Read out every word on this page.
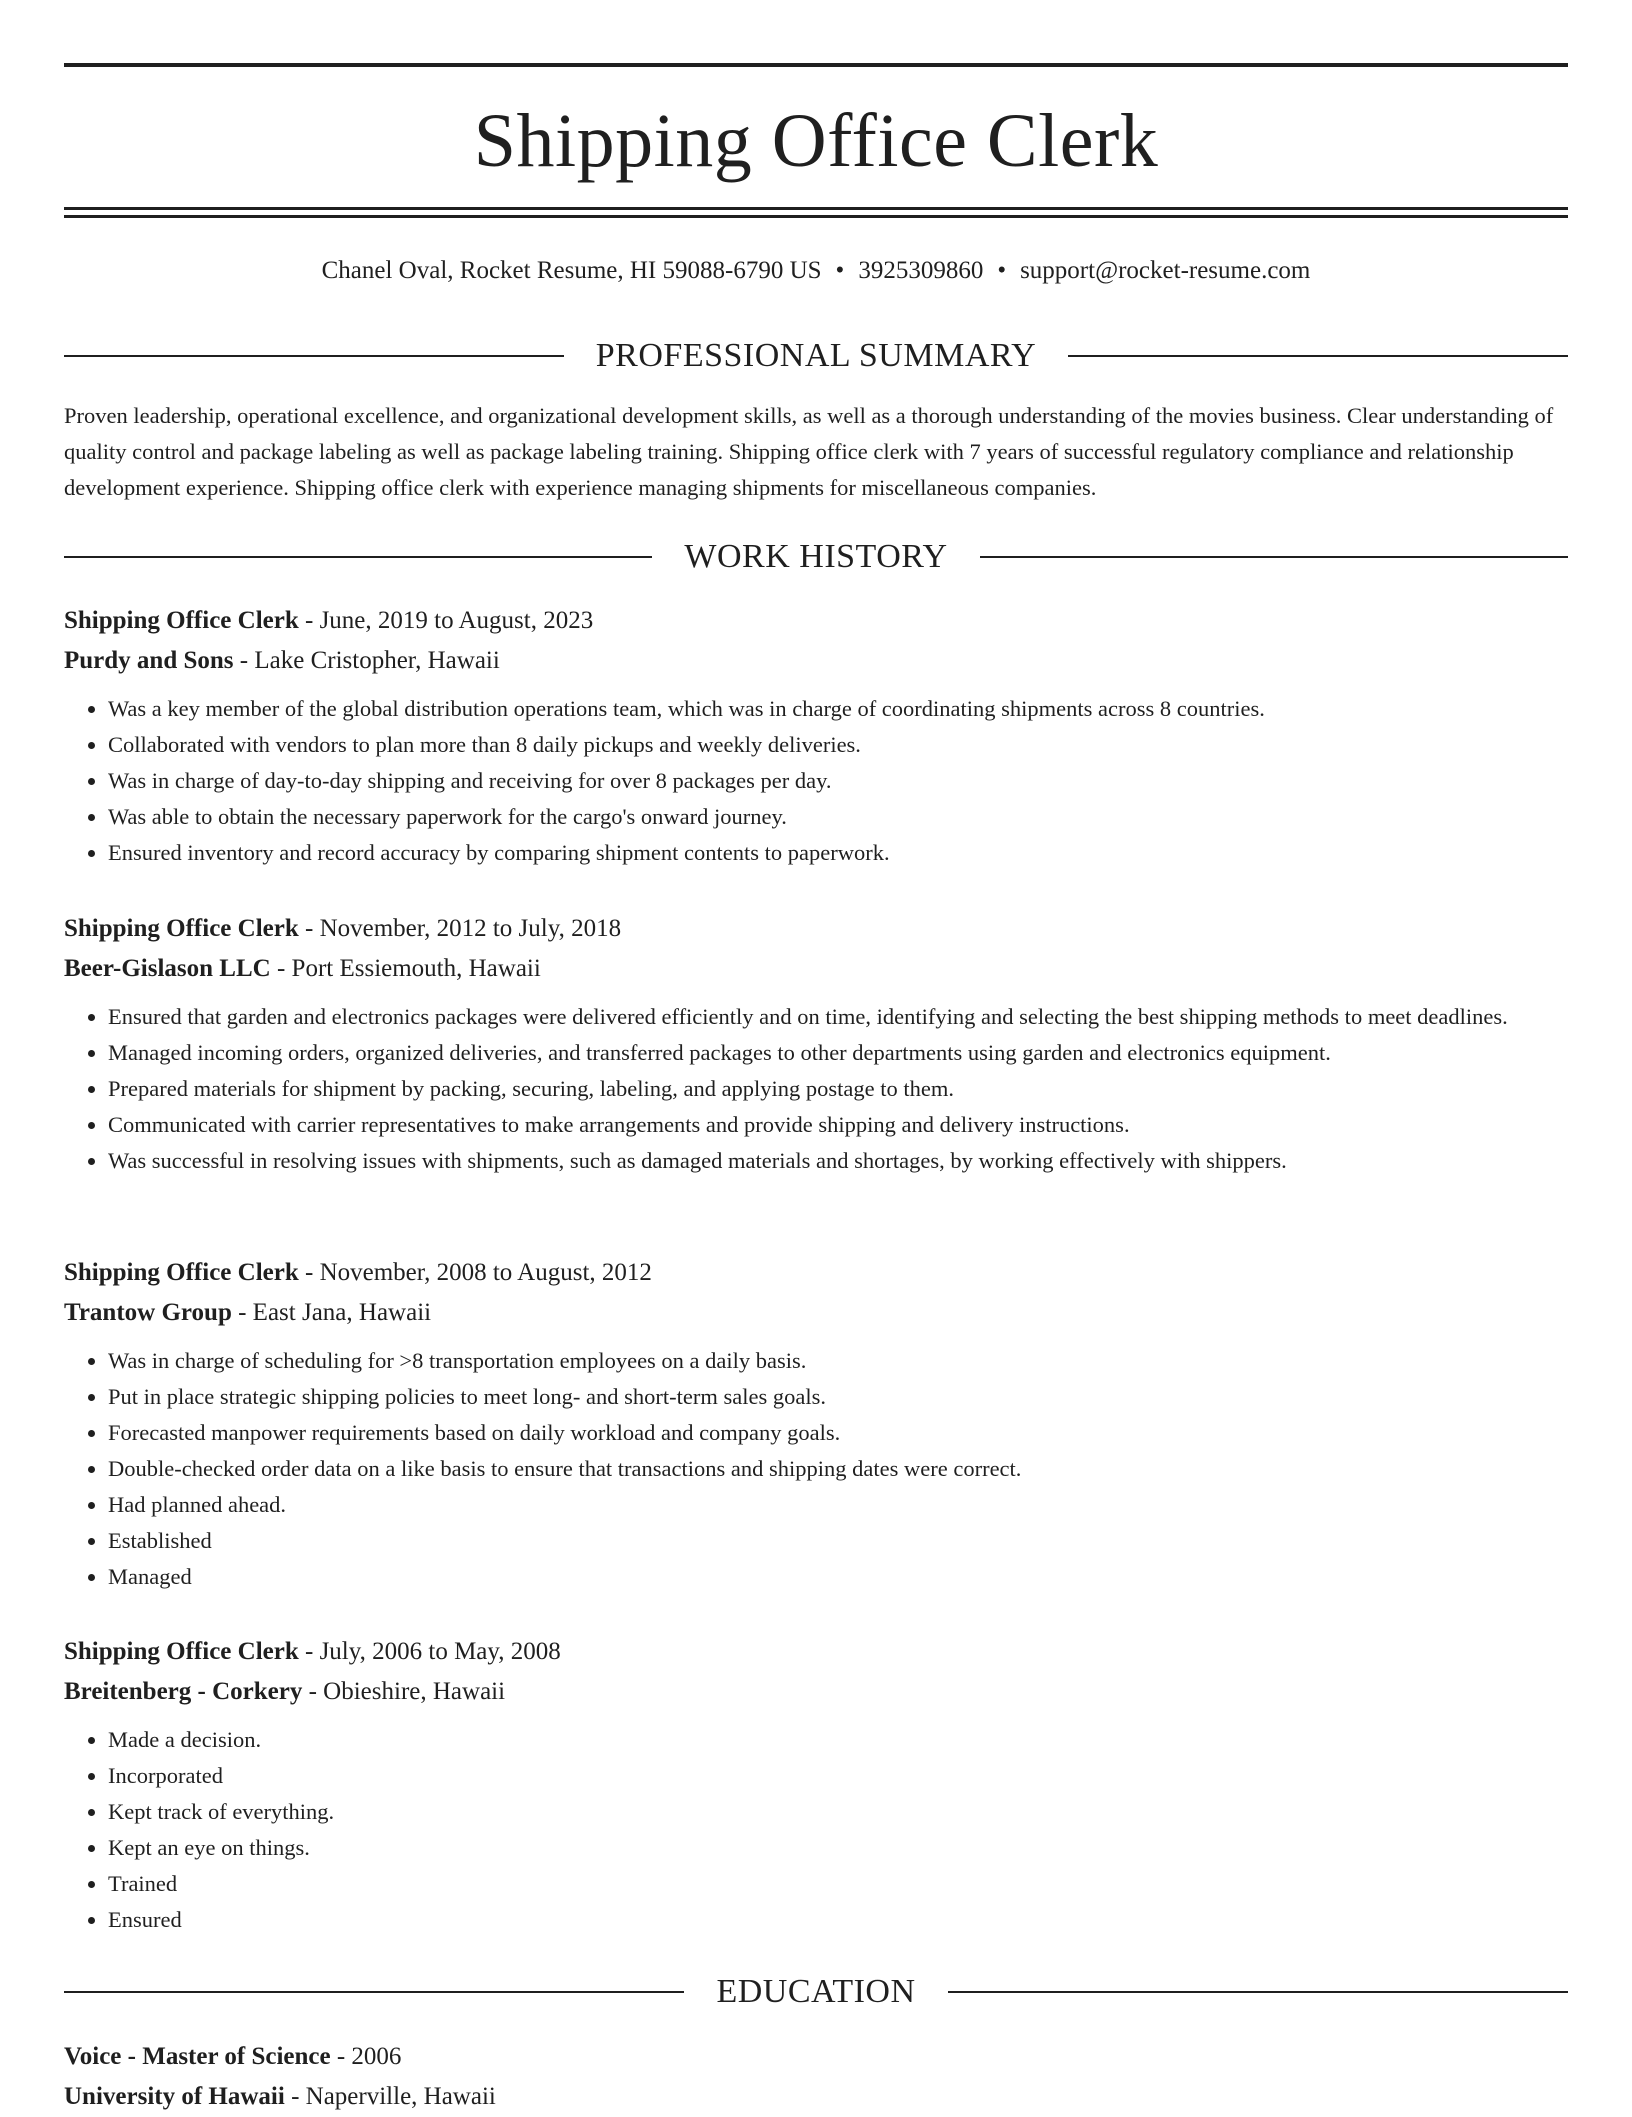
Shipping Office Clerk
Chanel Oval, Rocket Resume, HI 59088-6790 US • 3925309860 • support@rocket-resume.com
PROFESSIONAL SUMMARY

Proven leadership, operational excellence, and organizational development skills, as well as a thorough understanding of the movies business. Clear understanding of quality control and package labeling as well as package labeling training. Shipping office clerk with 7 years of successful regulatory compliance and relationship development experience. Shipping office clerk with experience managing shipments for miscellaneous companies.

WORK HISTORY
Shipping Office Clerk - June, 2019 to August, 2023
Purdy and Sons - Lake Cristopher, Hawaii
• Was a key member of the global distribution operations team, which was in charge of coordinating shipments across 8 countries.
• Collaborated with vendors to plan more than 8 daily pickups and weekly deliveries.
• Was in charge of day-to-day shipping and receiving for over 8 packages per day.
• Was able to obtain the necessary paperwork for the cargo's onward journey.
• Ensured inventory and record accuracy by comparing shipment contents to paperwork.
Shipping Office Clerk - November, 2012 to July, 2018
Beer-Gislason LLC - Port Essiemouth, Hawaii
• Ensured that garden and electronics packages were delivered efficiently and on time, identifying and selecting the best shipping methods to meet deadlines.
• Managed incoming orders, organized deliveries, and transferred packages to other departments using garden and electronics equipment.
• Prepared materials for shipment by packing, securing, labeling, and applying postage to them.
• Communicated with carrier representatives to make arrangements and provide shipping and delivery instructions.
• Was successful in resolving issues with shipments, such as damaged materials and shortages, by working effectively with shippers.
Shipping Office Clerk - November, 2008 to August, 2012
Trantow Group - East Jana, Hawaii
• Was in charge of scheduling for >8 transportation employees on a daily basis.
• Put in place strategic shipping policies to meet long- and short-term sales goals.
• Forecasted manpower requirements based on daily workload and company goals.
• Double-checked order data on a like basis to ensure that transactions and shipping dates were correct.
• Had planned ahead.
• Established
• Managed
Shipping Office Clerk - July, 2006 to May, 2008
Breitenberg - Corkery - Obieshire, Hawaii
• Made a decision.
• Incorporated
• Kept track of everything.
• Kept an eye on things.
• Trained
• Ensured
EDUCATION
Voice - Master of Science - 2006
University of Hawaii - Naperville, Hawaii
